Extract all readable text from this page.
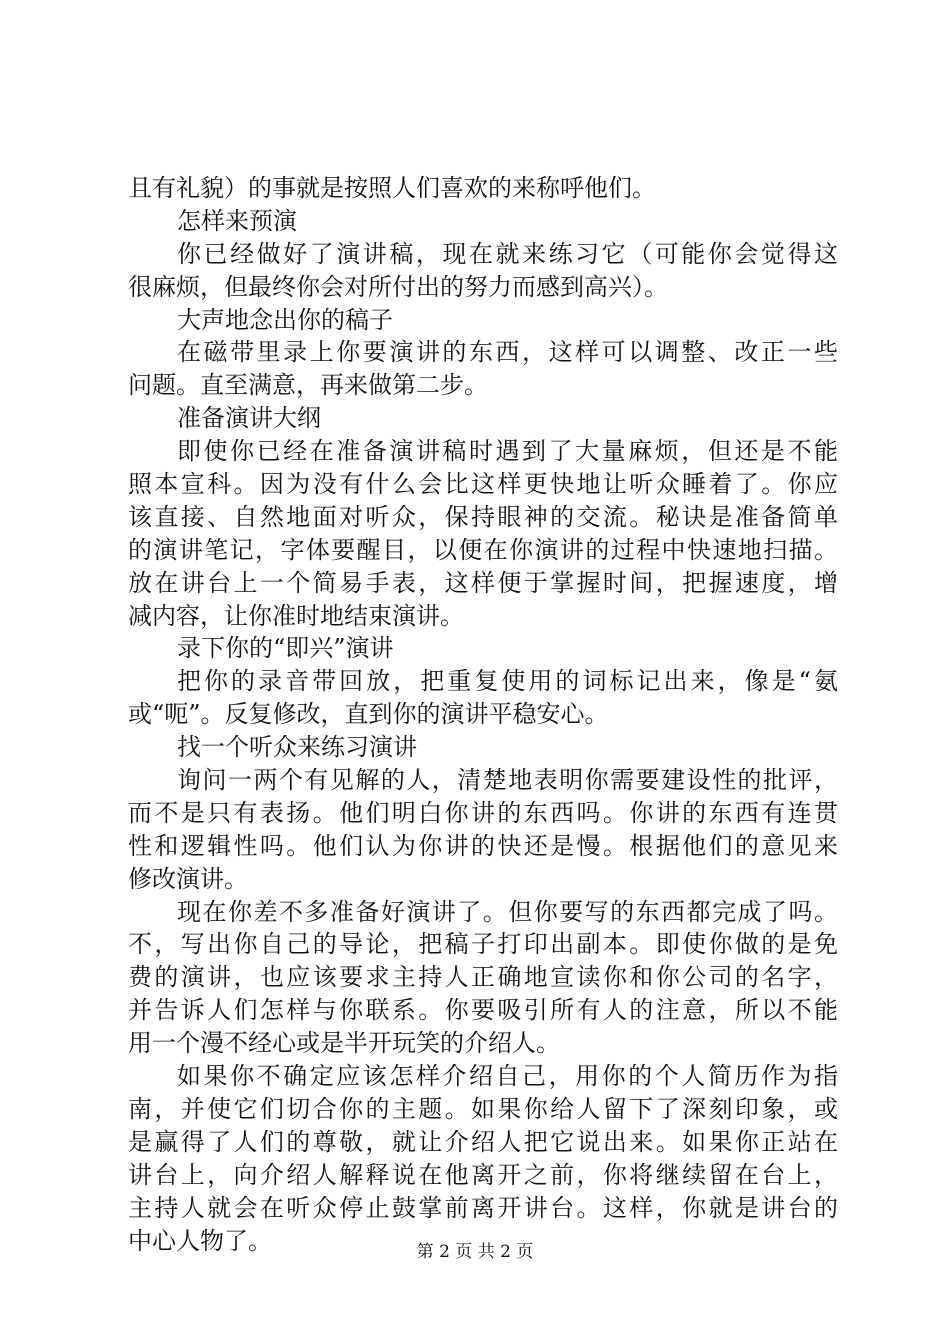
且有礼貌）的事就是按照人们喜欢的来称呼他们。
怎样来预演
你已经做好了演讲稿，现在就来练习它（可能你会觉得这
很麻烦，但最终你会对所付出的努力而感到高兴）。
大声地念出你的稿子
在磁带里录上你要演讲的东西，这样可以调整、改正一些
问题。直至满意，再来做第二步。
准备演讲大纲
即使你已经在准备演讲稿时遇到了大量麻烦，但还是不能
照本宣科。因为没有什么会比这样更快地让听众睡着了。你应
该直接、自然地面对听众，保持眼神的交流。秘诀是准备简单
的演讲笔记，字体要醒目，以便在你演讲的过程中快速地扫描。
放在讲台上一个简易手表，这样便于掌握时间，把握速度，增
减内容，让你准时地结束演讲。
录下你的“即兴”演讲
把你的录音带回放，把重复使用的词标记出来，像是“氨
或“呃”。反复修改，直到你的演讲平稳安心。
找一个听众来练习演讲
询问一两个有见解的人，清楚地表明你需要建设性的批评，
而不是只有表扬。他们明白你讲的东西吗。你讲的东西有连贯
性和逻辑性吗。他们认为你讲的快还是慢。根据他们的意见来
修改演讲。
现在你差不多准备好演讲了。但你要写的东西都完成了吗。
不，写出你自己的导论，把稿子打印出副本。即使你做的是免
费的演讲，也应该要求主持人正确地宣读你和你公司的名字，
并告诉人们怎样与你联系。你要吸引所有人的注意，所以不能
用一个漫不经心或是半开玩笑的介绍人。
如果你不确定应该怎样介绍自己，用你的个人简历作为指
南，并使它们切合你的主题。如果你给人留下了深刻印象，或
是赢得了人们的尊敬，就让介绍人把它说出来。如果你正站在
讲台上，向介绍人解释说在他离开之前，你将继续留在台上，
主持人就会在听众停止鼓掌前离开讲台。这样，你就是讲台的
中心人物了。	第 2 页 共 2 页
